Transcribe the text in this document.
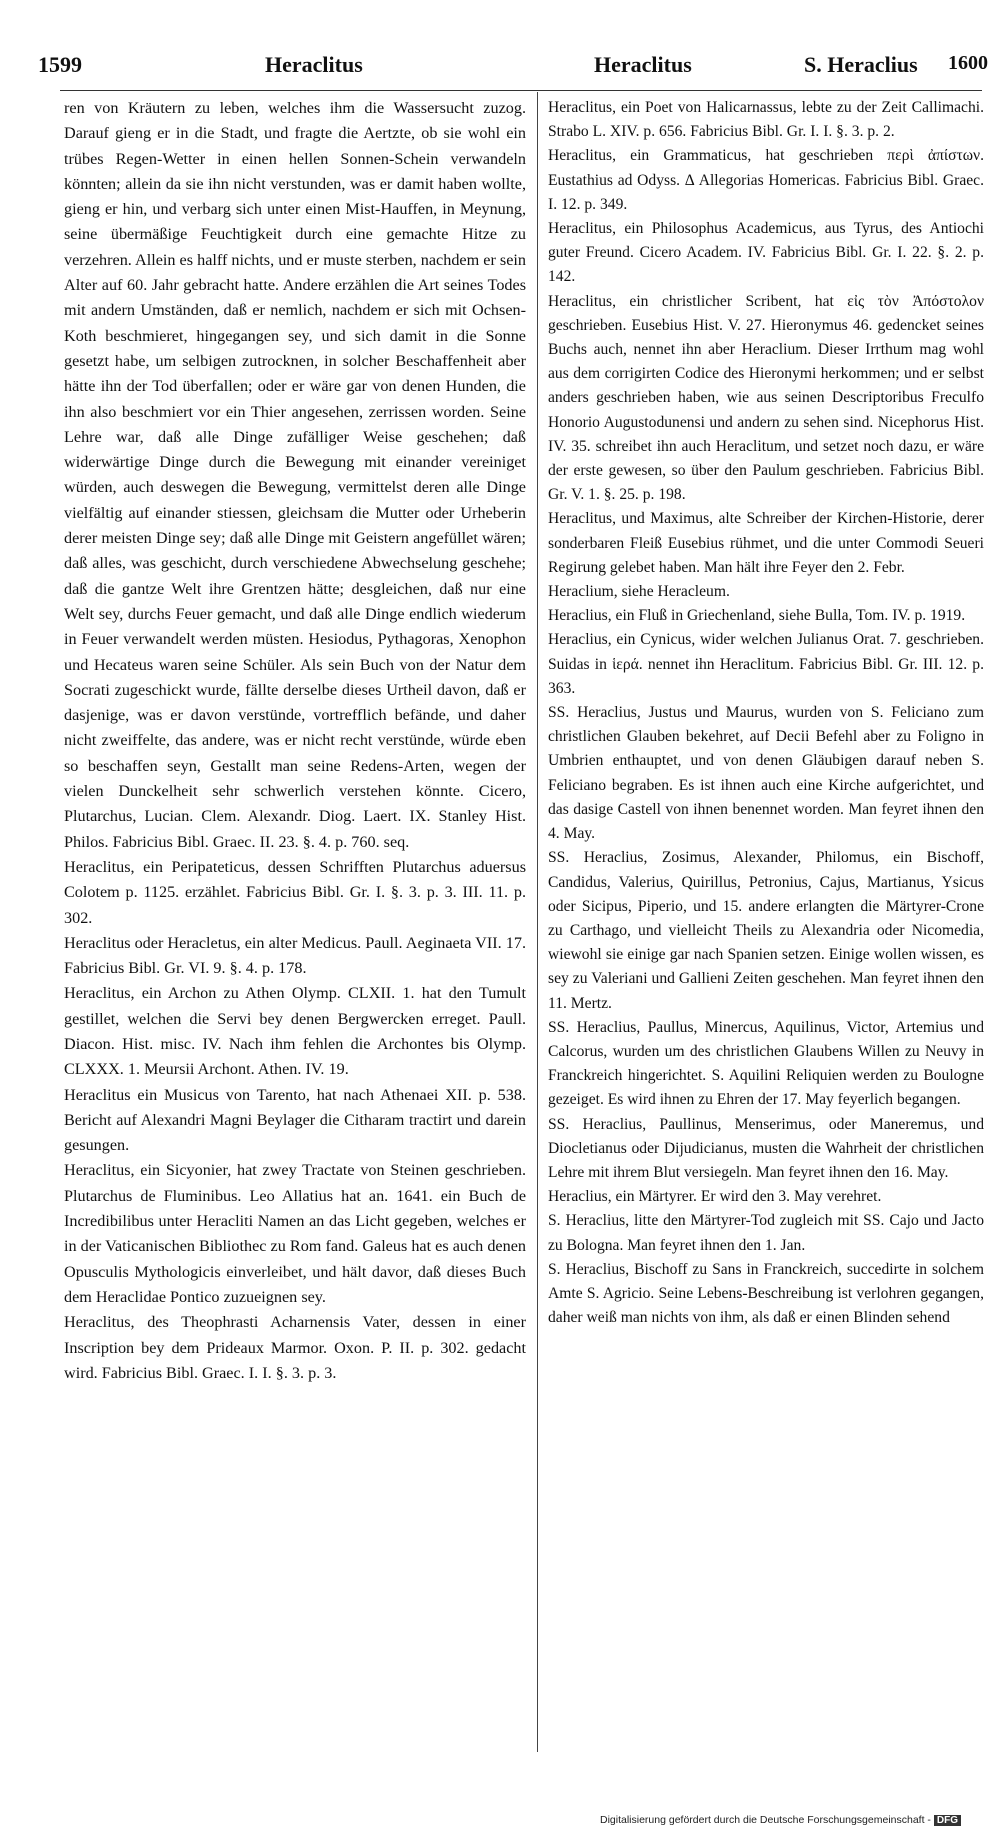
1599	Heraclitus	Heraclitus	S. Heraclius 1600

ren von Kräutern zu leben, welches ihm die Wassersucht zuzog. Darauf gieng er in die Stadt, und fragte die Aertzte, ob sie wohl ein trübes Regen-Wetter in einen hellen Sonnen-Schein verwandeln könnten; allein da sie ihn nicht verstunden, was er damit haben wollte, gieng er hin, und verbarg sich unter einen Mist-Hauffen, in Meynung, seine übermäßige Feuchtigkeit durch eine gemachte Hitze zu verzehren. Allein es halff nichts, und er muste sterben, nachdem er sein Alter auf 60. Jahr gebracht hatte. Andere erzählen die Art seines Todes mit andern Umständen, daß er nemlich, nachdem er sich mit Ochsen-Koth beschmieret, hingegangen sey, und sich damit in die Sonne gesetzt habe, um selbigen zutrocknen, in solcher Beschaffenheit aber hätte ihn der Tod überfallen; oder er wäre gar von denen Hunden, die ihn also beschmiert vor ein Thier angesehen, zerrissen worden. Seine Lehre war, daß alle Dinge zufälliger Weise geschehen; daß widerwärtige Dinge durch die Bewegung mit einander vereiniget würden, auch deswegen die Bewegung, vermittelst deren alle Dinge vielfältig auf einander stiessen, gleichsam die Mutter oder Urheberin derer meisten Dinge sey; daß alle Dinge mit Geistern angefüllet wären; daß alles, was geschicht, durch verschiedene Abwechselung geschehe; daß die gantze Welt ihre Grentzen hätte; desgleichen, daß nur eine Welt sey, durchs Feuer gemacht, und daß alle Dinge endlich wiederum in Feuer verwandelt werden müsten. Hesiodus, Pythagoras, Xenophon und Hecateus waren seine Schüler. Als sein Buch von der Natur dem Socrati zugeschickt wurde, fällte derselbe dieses Urtheil davon, daß er dasjenige, was er davon verstünde, vortrefflich befände, und daher nicht zweiffelte, das andere, was er nicht recht verstünde, würde eben so beschaffen seyn, Gestallt man seine Redens-Arten, wegen der vielen Dunckelheit sehr schwerlich verstehen könnte. Cicero, Plutarchus, Lucian. Clem. Alexandr. Diog. Laert. IX. Stanley Hist. Philos. Fabricius Bibl. Graec. II. 23. §. 4. p. 760. seq.

Heraclitus, ein Peripateticus, dessen Schrifften Plutarchus aduersus Colotem p. 1125. erzählet. Fabricius Bibl. Gr. I. §. 3. p. 3. III. 11. p. 302.

Heraclitus oder Heracletus, ein alter Medicus. Paull. Aeginaeta VII. 17. Fabricius Bibl. Gr. VI. 9. §. 4. p. 178.

Heraclitus, ein Archon zu Athen Olymp. CLXII. 1. hat den Tumult gestillet, welchen die Servi bey denen Bergwercken erreget. Paull. Diacon. Hist. misc. IV. Nach ihm fehlen die Archontes bis Olymp. CLXXX. 1. Meursii Archont. Athen. IV. 19.

Heraclitus ein Musicus von Tarento, hat nach Athenaei XII. p. 538. Bericht auf Alexandri Magni Beylager die Citharam tractirt und darein gesungen.

Heraclitus, ein Sicyonier, hat zwey Tractate von Steinen geschrieben. Plutarchus de Fluminibus. Leo Allatius hat an. 1641. ein Buch de Incredibilibus unter Heracliti Namen an das Licht gegeben, welches er in der Vaticanischen Bibliothec zu Rom fand. Galeus hat es auch denen Opusculis Mythologicis einverleibet, und hält davor, daß dieses Buch dem Heraclidae Pontico zuzueignen sey.

Heraclitus, des Theophrasti Acharnensis Vater, dessen in einer Inscription bey dem Prideaux Marmor. Oxon. P. II. p. 302. gedacht wird. Fabricius Bibl. Graec. I. I. §. 3. p. 3.

Heraclitus, ein Poet von Halicarnassus, lebte zu der Zeit Callimachi. Strabo L. XIV. p. 656. Fabricius Bibl. Gr. I. I. §. 3. p. 2.

Heraclitus, ein Grammaticus, hat geschrieben περὶ ἀπίστων. Eustathius ad Odyss. Δ Allegorias Homericas. Fabricius Bibl. Graec. I. 12. p. 349.

Heraclitus, ein Philosophus Academicus, aus Tyrus, des Antiochi guter Freund. Cicero Academ. IV. Fabricius Bibl. Gr. I. 22. §. 2. p. 142.

Heraclitus, ein christlicher Scribent, hat εἰς τὸν Ἀπόστολον geschrieben. Eusebius Hist. V. 27. Hieronymus 46. gedencket seines Buchs auch, nennet ihn aber Heraclium. Dieser Irrthum mag wohl aus dem corrigirten Codice des Hieronymi herkommen; und er selbst anders geschrieben haben, wie aus seinen Descriptoribus Freculfo Honorio Augustodunensi und andern zu sehen sind. Nicephorus Hist. IV. 35. schreibet ihn auch Heraclitum, und setzet noch dazu, er wäre der erste gewesen, so über den Paulum geschrieben. Fabricius Bibl. Gr. V. 1. §. 25. p. 198.

Heraclitus, und Maximus, alte Schreiber der Kirchen-Historie, derer sonderbaren Fleiß Eusebius rühmet, und die unter Commodi Seueri Regirung gelebet haben. Man hält ihre Feyer den 2. Febr.

Heraclium, siehe Heracleum.

Heraclius, ein Fluß in Griechenland, siehe Bulla, Tom. IV. p. 1919.

Heraclius, ein Cynicus, wider welchen Julianus Orat. 7. geschrieben. Suidas in ἱερά. nennet ihn Heraclitum. Fabricius Bibl. Gr. III. 12. p. 363.

SS. Heraclius, Justus und Maurus, wurden von S. Feliciano zum christlichen Glauben bekehret, auf Decii Befehl aber zu Foligno in Umbrien enthauptet, und von denen Gläubigen darauf neben S. Feliciano begraben. Es ist ihnen auch eine Kirche aufgerichtet, und das dasige Castell von ihnen benennet worden. Man feyret ihnen den 4. May.

SS. Heraclius, Zosimus, Alexander, Philomus, ein Bischoff, Candidus, Valerius, Quirillus, Petronius, Cajus, Martianus, Ysicus oder Sicipus, Piperio, und 15. andere erlangten die Märtyrer-Crone zu Carthago, und vielleicht Theils zu Alexandria oder Nicomedia, wiewohl sie einige gar nach Spanien setzen. Einige wollen wissen, es sey zu Valeriani und Gallieni Zeiten geschehen. Man feyret ihnen den 11. Mertz.

SS. Heraclius, Paullus, Minercus, Aquilinus, Victor, Artemius und Calcorus, wurden um des christlichen Glaubens Willen zu Neuvy in Franckreich hingerichtet. S. Aquilini Reliquien werden zu Boulogne gezeiget. Es wird ihnen zu Ehren der 17. May feyerlich begangen.

SS. Heraclius, Paullinus, Menserimus, oder Maneremus, und Diocletianus oder Dijudicianus, musten die Wahrheit der christlichen Lehre mit ihrem Blut versiegeln. Man feyret ihnen den 16. May.

Heraclius, ein Märtyrer. Er wird den 3. May verehret.

S. Heraclius, litte den Märtyrer-Tod zugleich mit SS. Cajo und Jacto zu Bologna. Man feyret ihnen den 1. Jan.

S. Heraclius, Bischoff zu Sans in Franckreich, succedirte in solchem Amte S. Agricio. Seine Lebens-Beschreibung ist verlohren gegangen, daher weiß man nichts von ihm, als daß er einen Blinden sehend

Digitalisierung gefördert durch die Deutsche Forschungsgemeinschaft - DFG
